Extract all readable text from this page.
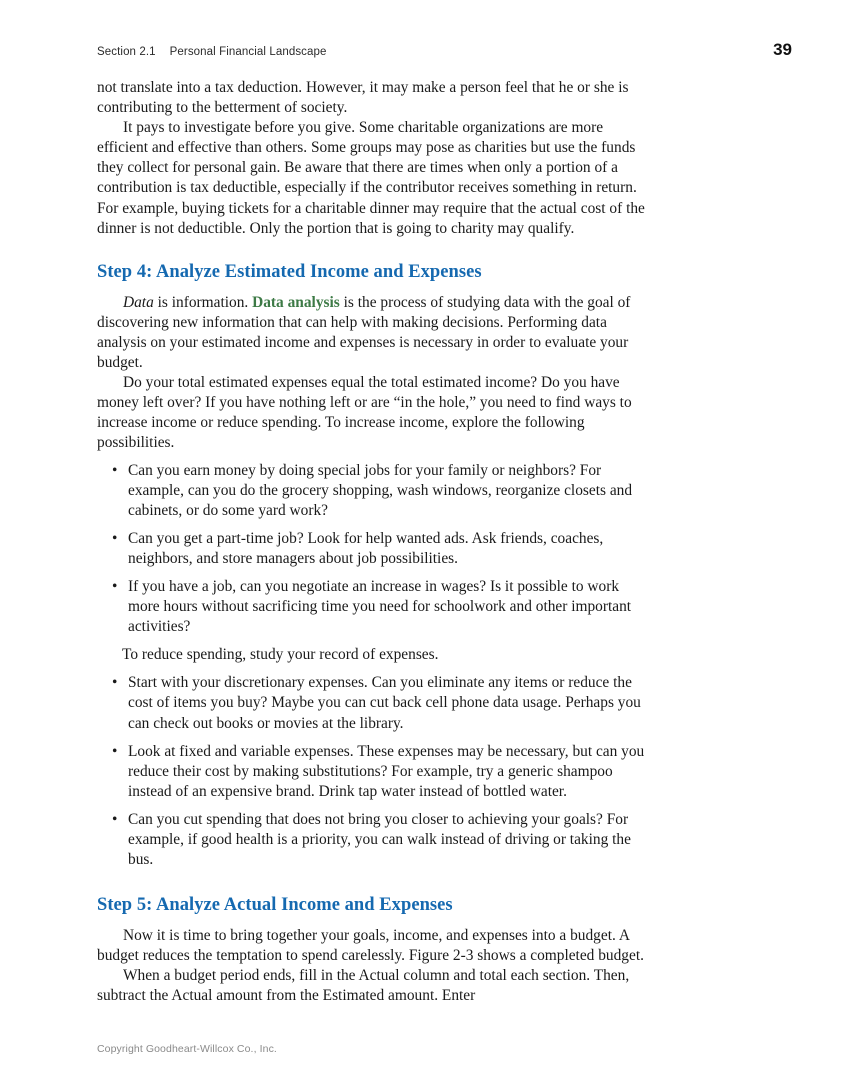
Section 2.1 Personal Financial Landscape	39

not translate into a tax deduction. However, it may make a person feel that he or she is contributing to the betterment of society.

It pays to investigate before you give. Some charitable organizations are more efficient and effective than others. Some groups may pose as charities but use the funds they collect for personal gain. Be aware that there are times when only a portion of a contribution is tax deductible, especially if the contributor receives something in return. For example, buying tickets for a charitable dinner may require that the actual cost of the dinner is not deductible. Only the portion that is going to charity may qualify.

Step 4: Analyze Estimated Income and Expenses

Data is information. Data analysis is the process of studying data with the goal of discovering new information that can help with making decisions. Performing data analysis on your estimated income and expenses is necessary in order to evaluate your budget.

Do your total estimated expenses equal the total estimated income? Do you have money left over? If you have nothing left or are “in the hole,” you need to find ways to increase income or reduce spending. To increase income, explore the following possibilities.

• Can you earn money by doing special jobs for your family or neighbors? For example, can you do the grocery shopping, wash windows, reorganize closets and cabinets, or do some yard work?
• Can you get a part-time job? Look for help wanted ads. Ask friends, coaches, neighbors, and store managers about job possibilities.
• If you have a job, can you negotiate an increase in wages? Is it possible to work more hours without sacrificing time you need for schoolwork and other important activities?
To reduce spending, study your record of expenses.
• Start with your discretionary expenses. Can you eliminate any items or reduce the cost of items you buy? Maybe you can cut back cell phone data usage. Perhaps you can check out books or movies at the library.
• Look at fixed and variable expenses. These expenses may be necessary, but can you reduce their cost by making substitutions? For example, try a generic shampoo instead of an expensive brand. Drink tap water instead of bottled water.
• Can you cut spending that does not bring you closer to achieving your goals? For example, if good health is a priority, you can walk instead of driving or taking the bus.
Step 5: Analyze Actual Income and Expenses

Now it is time to bring together your goals, income, and expenses into a budget. A budget reduces the temptation to spend carelessly. Figure 2-3 shows a completed budget.

When a budget period ends, fill in the Actual column and total each section. Then, subtract the Actual amount from the Estimated amount. Enter

Copyright Goodheart-Willcox Co., Inc.
